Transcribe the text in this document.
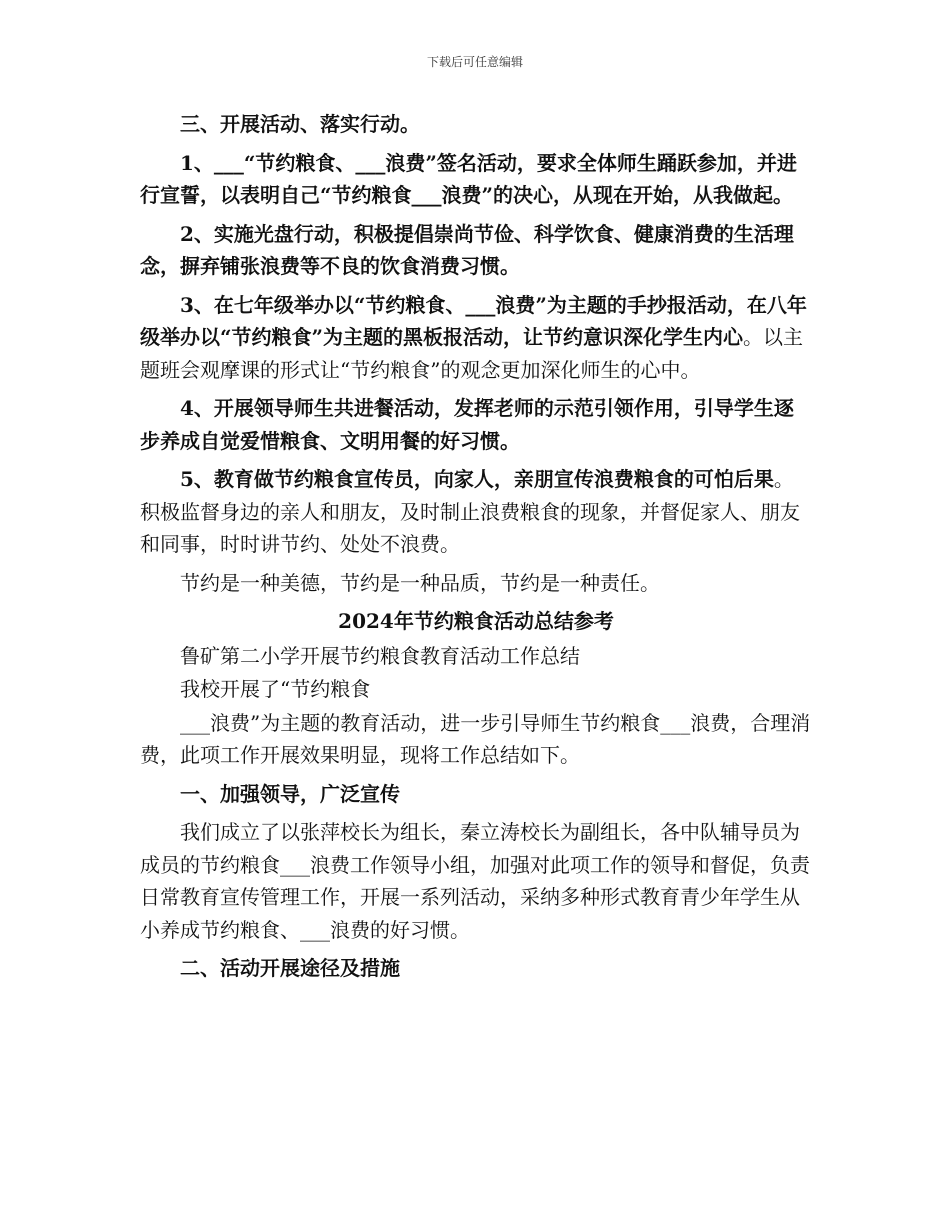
下载后可任意编辑

三、开展活动、落实行动。

1、___“节约粮食、___浪费”签名活动，要求全体师生踊跃参加，并进行宣誓，以表明自己“节约粮食___浪费”的决心，从现在开始，从我做起。

2、实施光盘行动，积极提倡崇尚节俭、科学饮食、健康消费的生活理念，摒弃铺张浪费等不良的饮食消费习惯。

3、在七年级举办以“节约粮食、___浪费”为主题的手抄报活动，在八年级举办以“节约粮食”为主题的黑板报活动，让节约意识深化学生内心。以主题班会观摩课的形式让“节约粮食”的观念更加深化师生的心中。

4、开展领导师生共进餐活动，发挥老师的示范引领作用，引导学生逐步养成自觉爱惜粮食、文明用餐的好习惯。

5、教育做节约粮食宣传员，向家人，亲朋宣传浪费粮食的可怕后果。积极监督身边的亲人和朋友，及时制止浪费粮食的现象，并督促家人、朋友和同事，时时讲节约、处处不浪费。

节约是一种美德，节约是一种品质，节约是一种责任。

2024年节约粮食活动总结参考

鲁矿第二小学开展节约粮食教育活动工作总结

我校开展了“节约粮食

___浪费”为主题的教育活动，进一步引导师生节约粮食___浪费，合理消费，此项工作开展效果明显，现将工作总结如下。

一、加强领导，广泛宣传

我们成立了以张萍校长为组长，秦立涛校长为副组长，各中队辅导员为成员的节约粮食___浪费工作领导小组，加强对此项工作的领导和督促，负责日常教育宣传管理工作，开展一系列活动，采纳多种形式教育青少年学生从小养成节约粮食、___浪费的好习惯。

二、活动开展途径及措施
